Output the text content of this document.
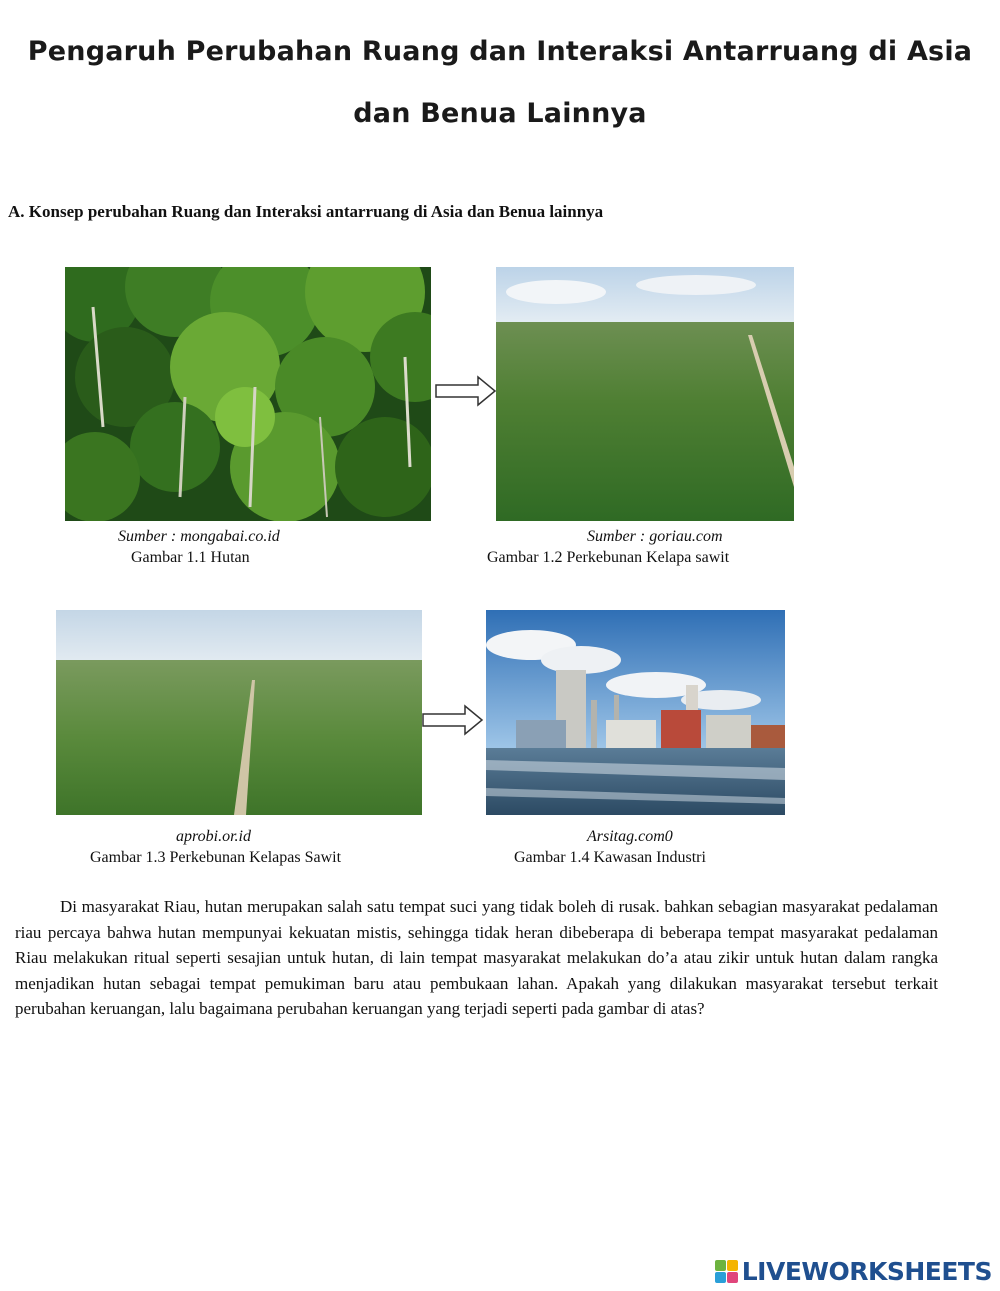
Pengaruh Perubahan Ruang dan Interaksi Antarruang di Asia
dan Benua Lainnya
A. Konsep perubahan Ruang dan Interaksi antarruang di Asia dan Benua lainnya
Sumber : mongabai.co.id
Gambar 1.1 Hutan
Sumber : goriau.com
Gambar 1.2 Perkebunan Kelapa sawit
aprobi.or.id
Gambar 1.3 Perkebunan Kelapas Sawit
Arsitag.com0
Gambar 1.4 Kawasan Industri
Di masyarakat Riau, hutan merupakan salah satu tempat suci yang tidak boleh di rusak. bahkan sebagian masyarakat pedalaman riau percaya bahwa hutan mempunyai kekuatan mistis, sehingga tidak heran dibeberapa di beberapa tempat masyarakat pedalaman Riau melakukan ritual seperti sesajian untuk hutan, di lain tempat masyarakat melakukan do’a atau zikir untuk hutan dalam rangka menjadikan hutan sebagai tempat pemukiman baru atau pembukaan lahan. Apakah yang dilakukan masyarakat tersebut terkait perubahan keruangan, lalu bagaimana perubahan keruangan yang terjadi seperti pada gambar di atas?
LIVEWORKSHEETS
